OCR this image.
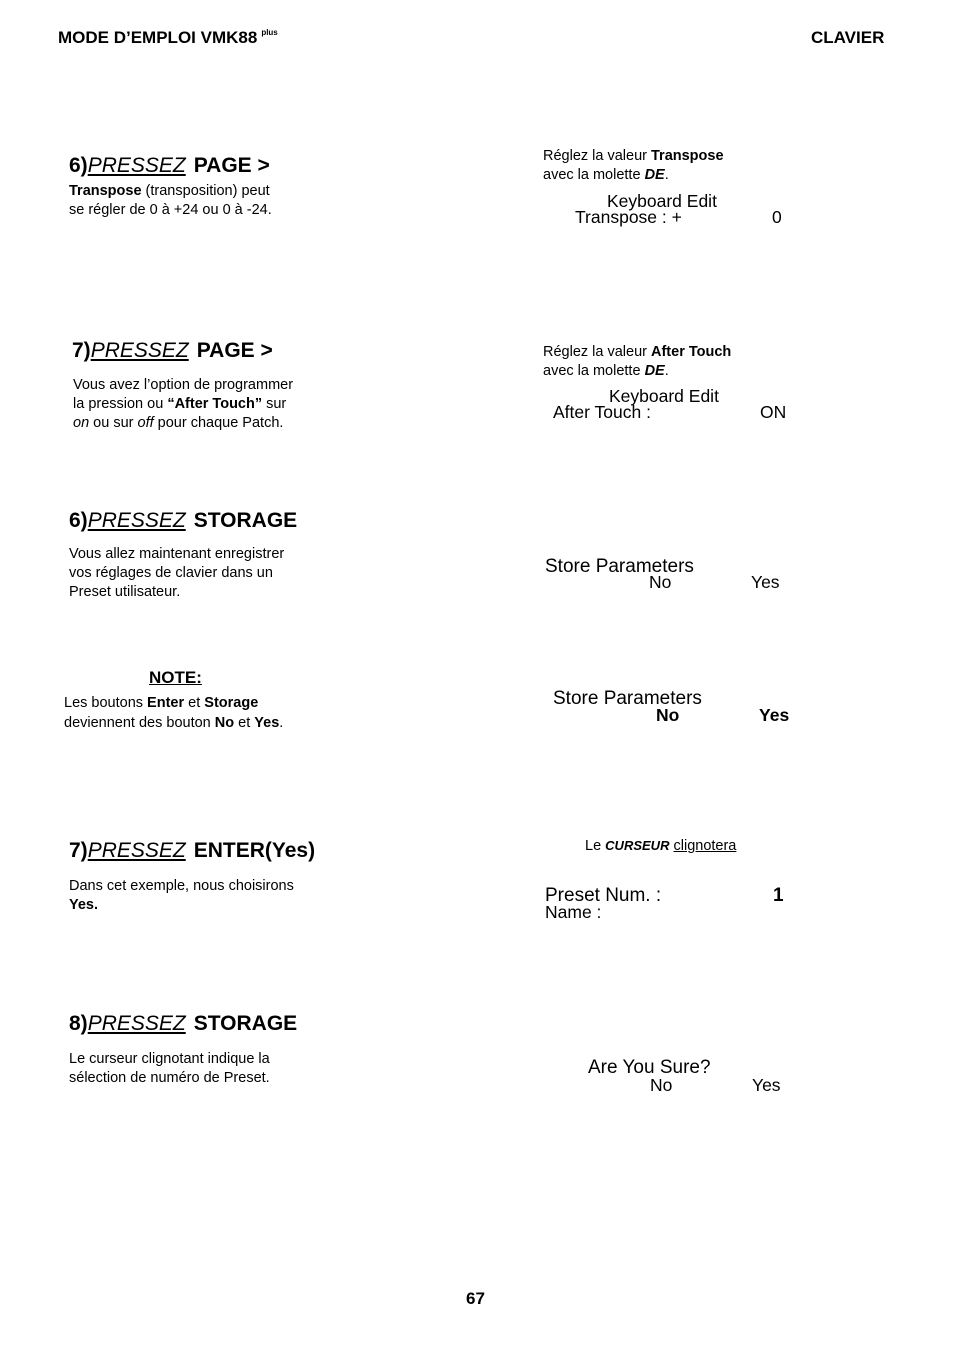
MODE D’EMPLOI VMK88 $^{plus}$	CLAVIER
6)PRESSEZ PAGE >
Transpose (transposition) peut
se régler de 0 à +24 ou 0 à -24.
Réglez la valeur Transpose
avec la molette DE.
Keyboard Edit
Transpose : +	0
7)PRESSEZ PAGE >
Vous avez l’option de programmer
la pression ou “After Touch” sur
on ou sur off pour chaque Patch.
Réglez la valeur After Touch
avec la molette DE.
Keyboard Edit
After Touch :	ON
6)PRESSEZ STORAGE
Vous allez maintenant enregistrer
vos réglages de clavier dans un
Preset utilisateur.
Store Parameters
No	Yes
NOTE:
Les boutons Enter et Storage
deviennent des bouton No et Yes.
Store Parameters
No	Yes
7)PRESSEZ ENTER(Yes)
Dans cet exemple, nous choisirons
Yes.
Le CURSEUR clignotera
Preset Num. :	1
Name :
8)PRESSEZ STORAGE
Le curseur clignotant indique la
sélection de numéro de Preset.	Are You Sure?
No	Yes
67
